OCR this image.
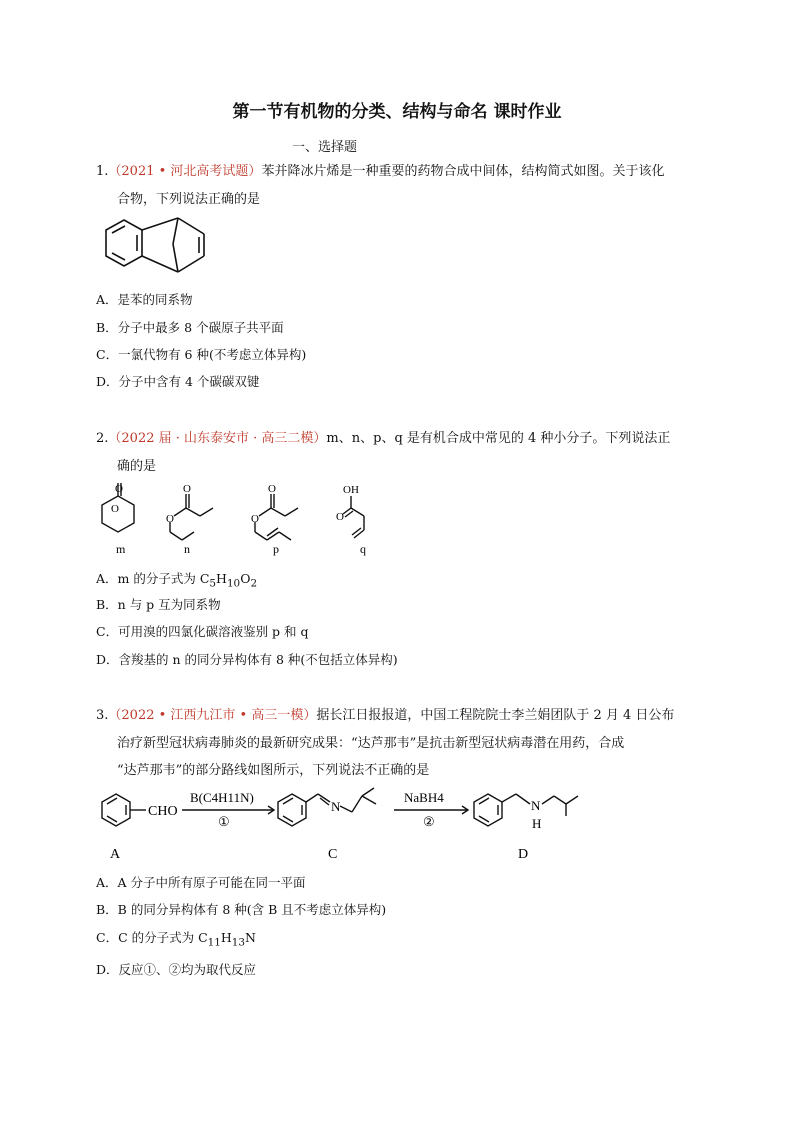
第一节有机物的分类、结构与命名 课时作业
一、选择题
1.（2021 • 河北高考试题）苯并降冰片烯是一种重要的药物合成中间体，结构简式如图。关于该化
合物，下列说法正确的是
A．是苯的同系物
B．分子中最多 8 个碳原子共平面
C．一氯代物有 6 种(不考虑立体异构)
D．分子中含有 4 个碳碳双键
2.（2022 届 · 山东泰安市 · 高三二模）m、n、p、q 是有机合成中常见的 4 种小分子。下列说法正
确的是
O
O	O
O
O
O	O
OH
m	n	p	q
A．m 的分子式为 $C_5H_{10}O_2$
B．n 与 p 互为同系物
C．可用溴的四氯化碳溶液鉴别 p 和 q
D．含羧基的 n 的同分异构体有 8 种(不包括立体异构)
3.（2022 • 江西九江市 • 高三一模）据长江日报报道，中国工程院院士李兰娟团队于 2 月 4 日公布
治疗新型冠状病毒肺炎的最新研究成果：“达芦那韦”是抗击新型冠状病毒潜在用药，合成
“达芦那韦”的部分路线如图所示，下列说法不正确的是
CHO
B(C4H11N)
①
N
NaBH4
②
N
H
A	C	D
A．A 分子中所有原子可能在同一平面
B．B 的同分异构体有 8 种(含 B 且不考虑立体异构)
C．C 的分子式为 $C_{11}H_{13}N$
D．反应①、②均为取代反应
